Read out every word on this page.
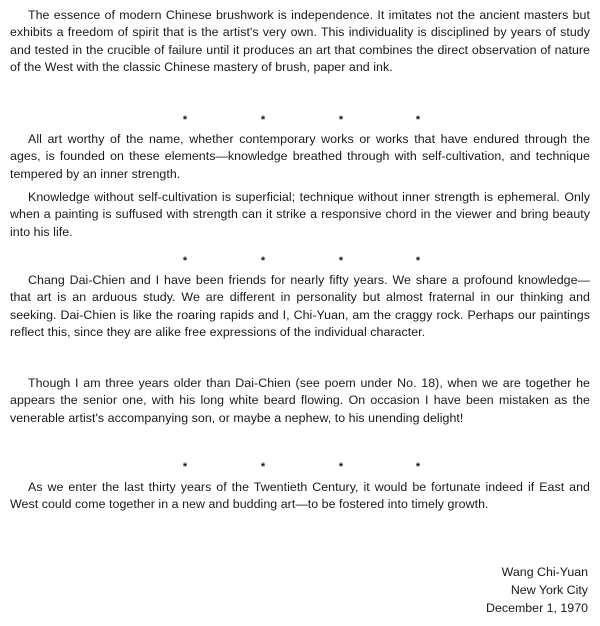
The essence of modern Chinese brushwork is independence. It imitates not the ancient masters but exhibits a freedom of spirit that is the artist's very own. This individuality is disciplined by years of study and tested in the crucible of failure until it produces an art that combines the direct observation of nature of the West with the classic Chinese mastery of brush, paper and ink.

*	*	*	*

All art worthy of the name, whether contemporary works or works that have endured through the ages, is founded on these elements—knowledge breathed through with self-cultivation, and technique tempered by an inner strength.

Knowledge without self-cultivation is superficial; technique without inner strength is ephemeral. Only when a painting is suffused with strength can it strike a responsive chord in the viewer and bring beauty into his life.

*	*	*	*

Chang Dai-Chien and I have been friends for nearly fifty years. We share a profound knowledge—that art is an arduous study. We are different in personality but almost fraternal in our thinking and seeking. Dai-Chien is like the roaring rapids and I, Chi-Yuan, am the craggy rock. Perhaps our paintings reflect this, since they are alike free expressions of the individual character.

Though I am three years older than Dai-Chien (see poem under No. 18), when we are together he appears the senior one, with his long white beard flowing. On occasion I have been mistaken as the venerable artist's accompanying son, or maybe a nephew, to his unending delight!

*	*	*	*

As we enter the last thirty years of the Twentieth Century, it would be fortunate indeed if East and West could come together in a new and budding art—to be fostered into timely growth.

Wang Chi-Yuan
New York City
December 1, 1970
